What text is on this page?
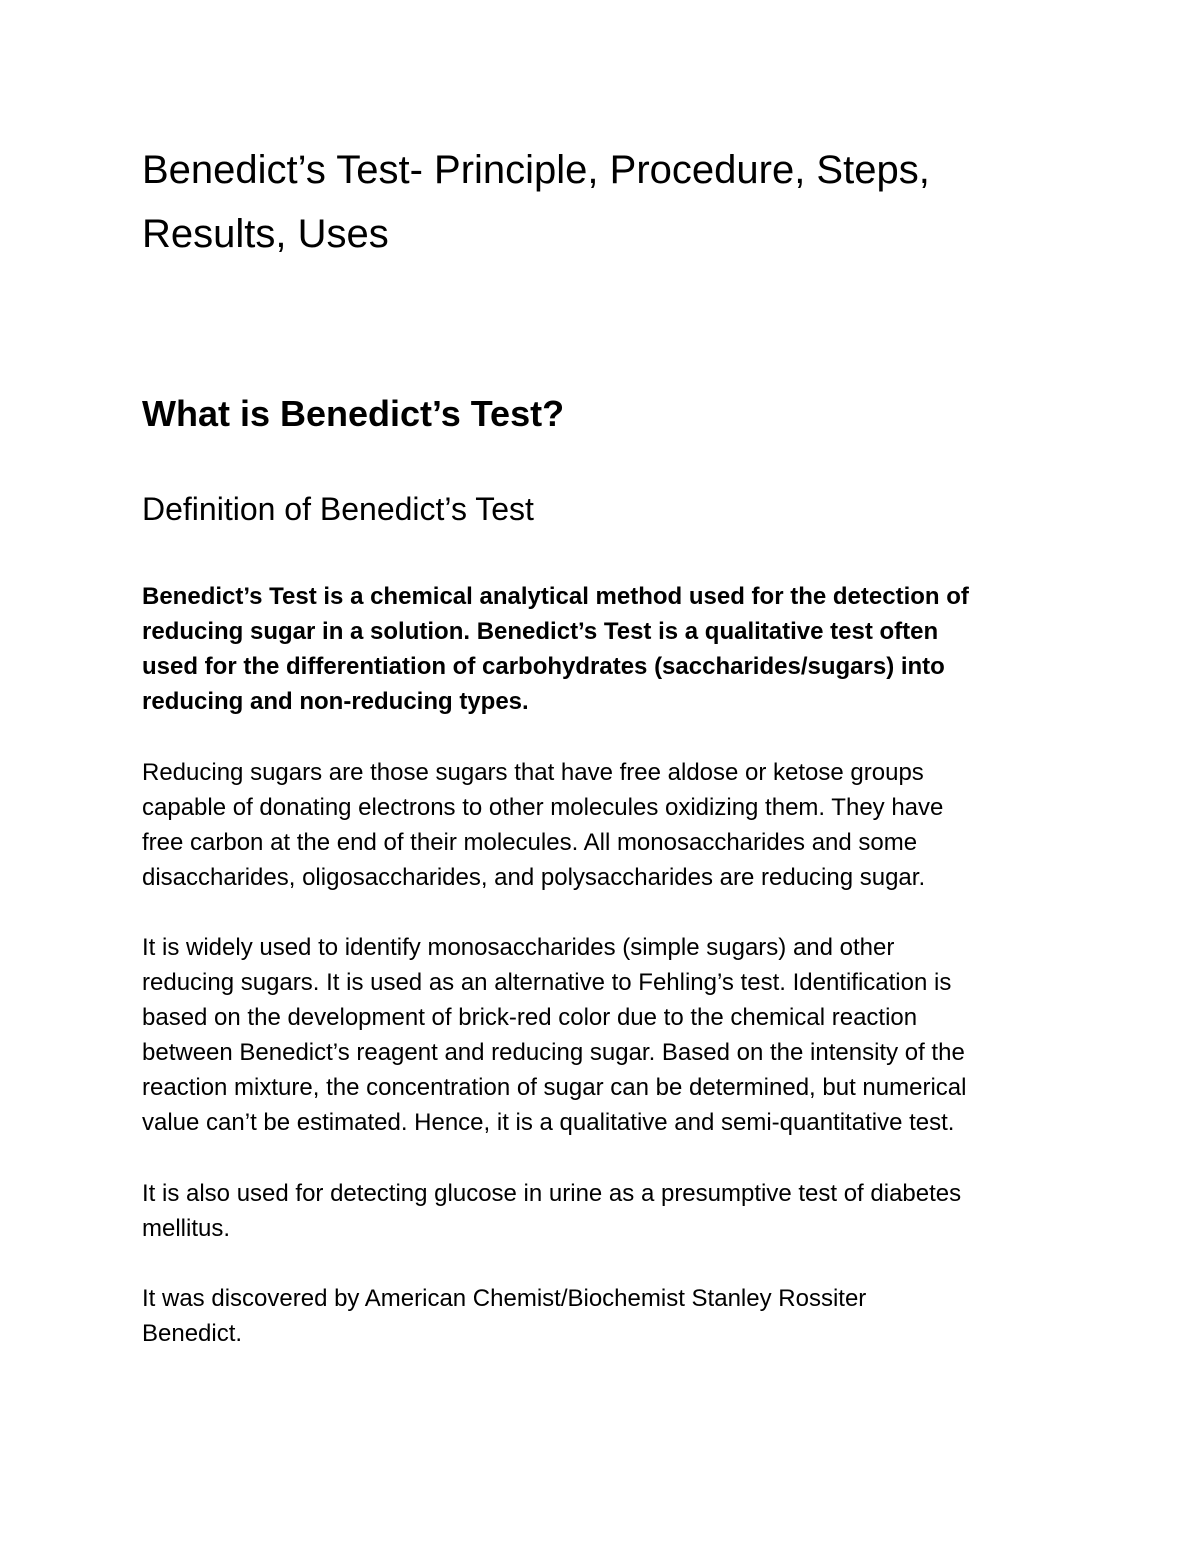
Benedict’s Test- Principle, Procedure, Steps,
Results, Uses
What is Benedict’s Test?
Definition of Benedict’s Test

Benedict’s Test is a chemical analytical method used for the detection of
reducing sugar in a solution. Benedict’s Test is a qualitative test often
used for the differentiation of carbohydrates (saccharides/sugars) into
reducing and non-reducing types.

Reducing sugars are those sugars that have free aldose or ketose groups
capable of donating electrons to other molecules oxidizing them. They have
free carbon at the end of their molecules. All monosaccharides and some
disaccharides, oligosaccharides, and polysaccharides are reducing sugar.

It is widely used to identify monosaccharides (simple sugars) and other
reducing sugars. It is used as an alternative to Fehling’s test. Identification is
based on the development of brick-red color due to the chemical reaction
between Benedict’s reagent and reducing sugar. Based on the intensity of the
reaction mixture, the concentration of sugar can be determined, but numerical
value can’t be estimated. Hence, it is a qualitative and semi-quantitative test.

It is also used for detecting glucose in urine as a presumptive test of diabetes
mellitus.

It was discovered by American Chemist/Biochemist Stanley Rossiter
Benedict.
